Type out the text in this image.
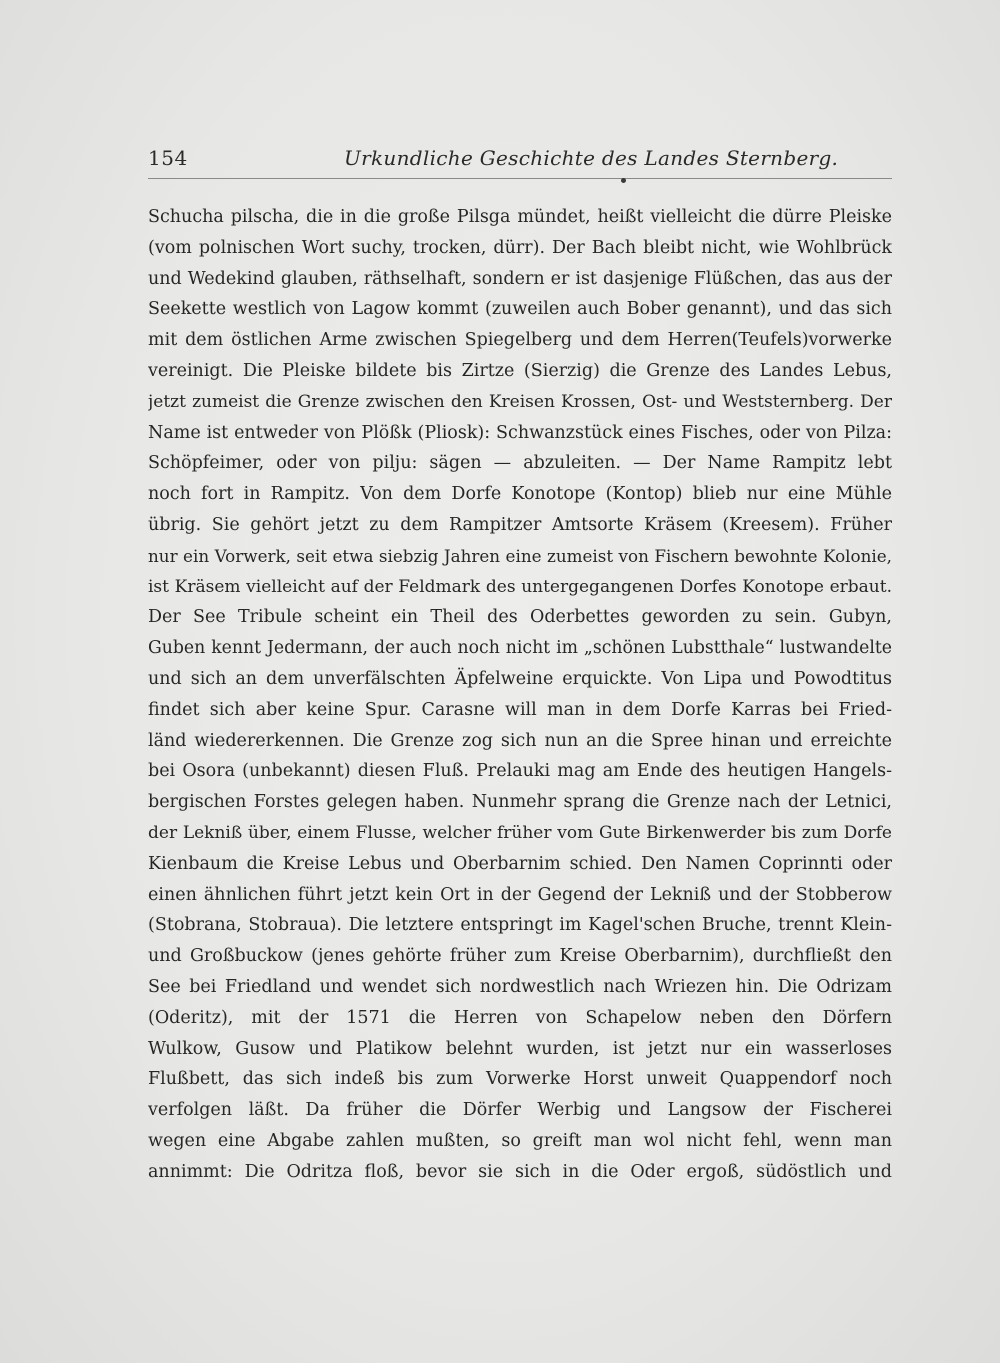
154	Urkundliche Geschichte des Landes Sternberg.
Schucha pilscha, die in die große Pilsga mündet, heißt vielleicht die dürre Pleiske
(vom polnischen Wort suchy, trocken, dürr). Der Bach bleibt nicht, wie Wohlbrück
und Wedekind glauben, räthselhaft, sondern er ist dasjenige Flüßchen, das aus der
Seekette westlich von Lagow kommt (zuweilen auch Bober genannt), und das sich
mit dem östlichen Arme zwischen Spiegelberg und dem Herren(Teufels)vorwerke
vereinigt. Die Pleiske bildete bis Zirtze (Sierzig) die Grenze des Landes Lebus,
jetzt zumeist die Grenze zwischen den Kreisen Krossen, Ost- und Weststernberg. Der
Name ist entweder von Plößk (Pliosk): Schwanzstück eines Fisches, oder von Pilza:
Schöpfeimer, oder von pilju: sägen — abzuleiten. — Der Name Rampitz lebt
noch fort in Rampitz. Von dem Dorfe Konotope (Kontop) blieb nur eine Mühle
übrig. Sie gehört jetzt zu dem Rampitzer Amtsorte Kräsem (Kreesem). Früher
nur ein Vorwerk, seit etwa siebzig Jahren eine zumeist von Fischern bewohnte Kolonie,
ist Kräsem vielleicht auf der Feldmark des untergegangenen Dorfes Konotope erbaut.
Der See Tribule scheint ein Theil des Oderbettes geworden zu sein. Gubyn,
Guben kennt Jedermann, der auch noch nicht im „schönen Lubstthale“ lustwandelte
und sich an dem unverfälschten Äpfelweine erquickte. Von Lipa und Powodtitus
findet sich aber keine Spur. Carasne will man in dem Dorfe Karras bei Fried-
länd wiedererkennen. Die Grenze zog sich nun an die Spree hinan und erreichte
bei Osora (unbekannt) diesen Fluß. Prelauki mag am Ende des heutigen Hangels-
bergischen Forstes gelegen haben. Nunmehr sprang die Grenze nach der Letnici,
der Lekniß über, einem Flusse, welcher früher vom Gute Birkenwerder bis zum Dorfe
Kienbaum die Kreise Lebus und Oberbarnim schied. Den Namen Coprinnti oder
einen ähnlichen führt jetzt kein Ort in der Gegend der Lekniß und der Stobberow
(Stobrana, Stobraua). Die letztere entspringt im Kagel'schen Bruche, trennt Klein-
und Großbuckow (jenes gehörte früher zum Kreise Oberbarnim), durchfließt den
See bei Friedland und wendet sich nordwestlich nach Wriezen hin. Die Odrizam
(Oderitz), mit der 1571 die Herren von Schapelow neben den Dörfern
Wulkow, Gusow und Platikow belehnt wurden, ist jetzt nur ein wasserloses
Flußbett, das sich indeß bis zum Vorwerke Horst unweit Quappendorf noch
verfolgen läßt. Da früher die Dörfer Werbig und Langsow der Fischerei
wegen eine Abgabe zahlen mußten, so greift man wol nicht fehl, wenn man
annimmt: Die Odritza floß, bevor sie sich in die Oder ergoß, südöstlich und
